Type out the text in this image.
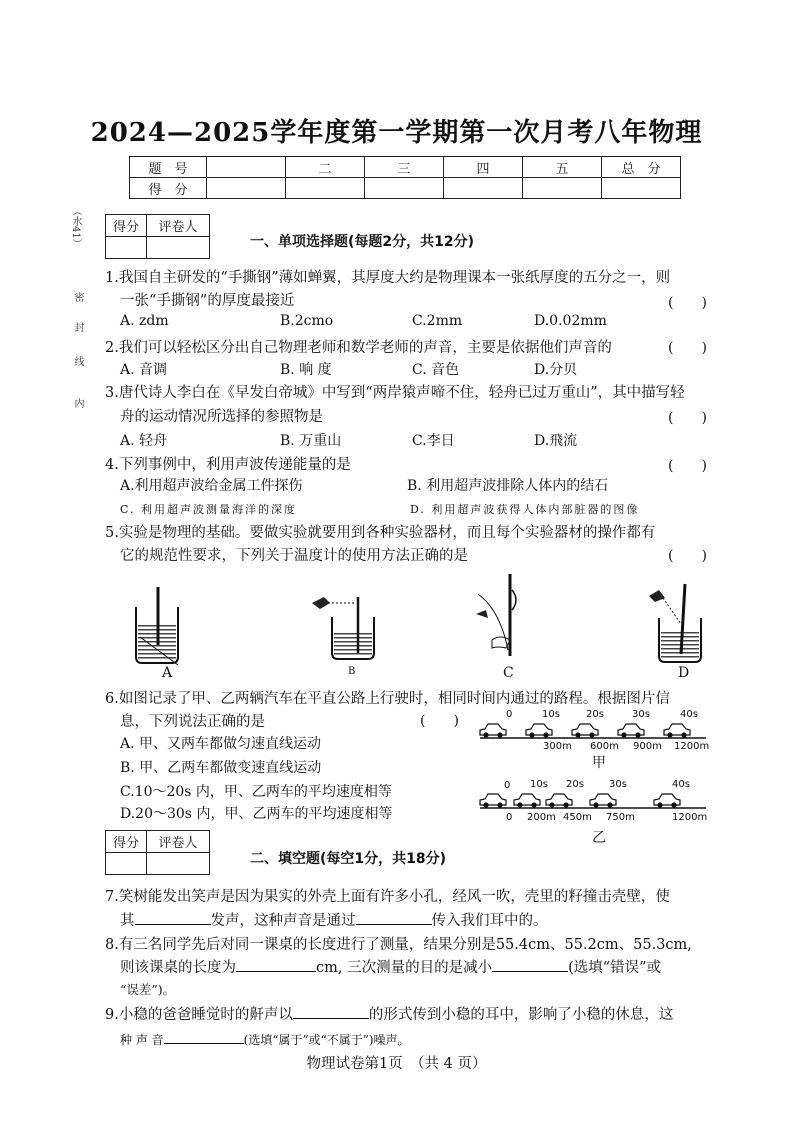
2024—2025学年度第一学期第一次月考八年物理
题　号		二	三	四	五	总　分
得　分						
（水41）
密
封
线
内
得分	评卷人

一、单项选择题(每题2分，共12分)
1.我国自主研发的“手撕钢”薄如蝉翼，其厚度大约是物理课本一张纸厚度的五分之一，则
一张“手撕钢”的厚度最接近	(　　)
A. zdm	B.2cmo	C.2mm	D.0.02mm
2.我们可以轻松区分出自己物理老师和数学老师的声音，主要是依据他们声音的	(　　)
A. 音调	B. 响 度	C. 音色	D.分贝
3.唐代诗人李白在《早发白帝城》中写到“两岸猿声啼不住，轻舟已过万重山”，其中描写轻
舟的运动情况所选择的参照物是	(　　)
A. 轻舟	B. 万重山	C.李日	D.飛流
4.下列事例中，利用声波传递能量的是	(　　)
A.利用超声波给金属工件探伤	B. 利用超声波排除人体内的结石
C. 利用超声波测量海洋的深度	D. 利用超声波获得人体内部脏器的图像
5.实验是物理的基础。要做实验就要用到各种实验器材，而且每个实验器材的操作都有
它的规范性要求，下列关于温度计的使用方法正确的是	(　　)
A	B	C	D
6.如图记录了甲、乙两辆汽车在平直公路上行驶时，相同时间内通过的路程。根据图片信
息，下列说法正确的是	(　　)
A. 甲、又两车都做匀速直线运动
B. 甲、乙两车都做变速直线运动
C.10～20s 内，甲、乙两车的平均速度相等
D.20～30s 内，甲、乙两车的平均速度相等
0	10s	20s	30s	40s
300m 600m 900m 1200m
甲
0 10s 20s	30s	40s
0 200m 450m 750m	1200m
乙
得分	评卷人

二、填空题(每空1分，共18分)
7.笑树能发出笑声是因为果实的外壳上面有许多小孔，经风一吹，壳里的籽撞击壳壁，使
其	发声，这种声音是通过	传入我们耳中的。
8.有三名同学先后对同一课桌的长度进行了测量，结果分别是55.4cm、55.2cm、55.3cm,
则该课桌的长度为	cm, 三次测量的目的是减小	(选填“错误”或
“误差”)。
9.小稳的爸爸睡觉时的鼾声以	的形式传到小稳的耳中，影响了小稳的休息，这
种 声 音	(选填“属于”或“不属于”)噪声。
物理试卷第1页　（共 4 页）
